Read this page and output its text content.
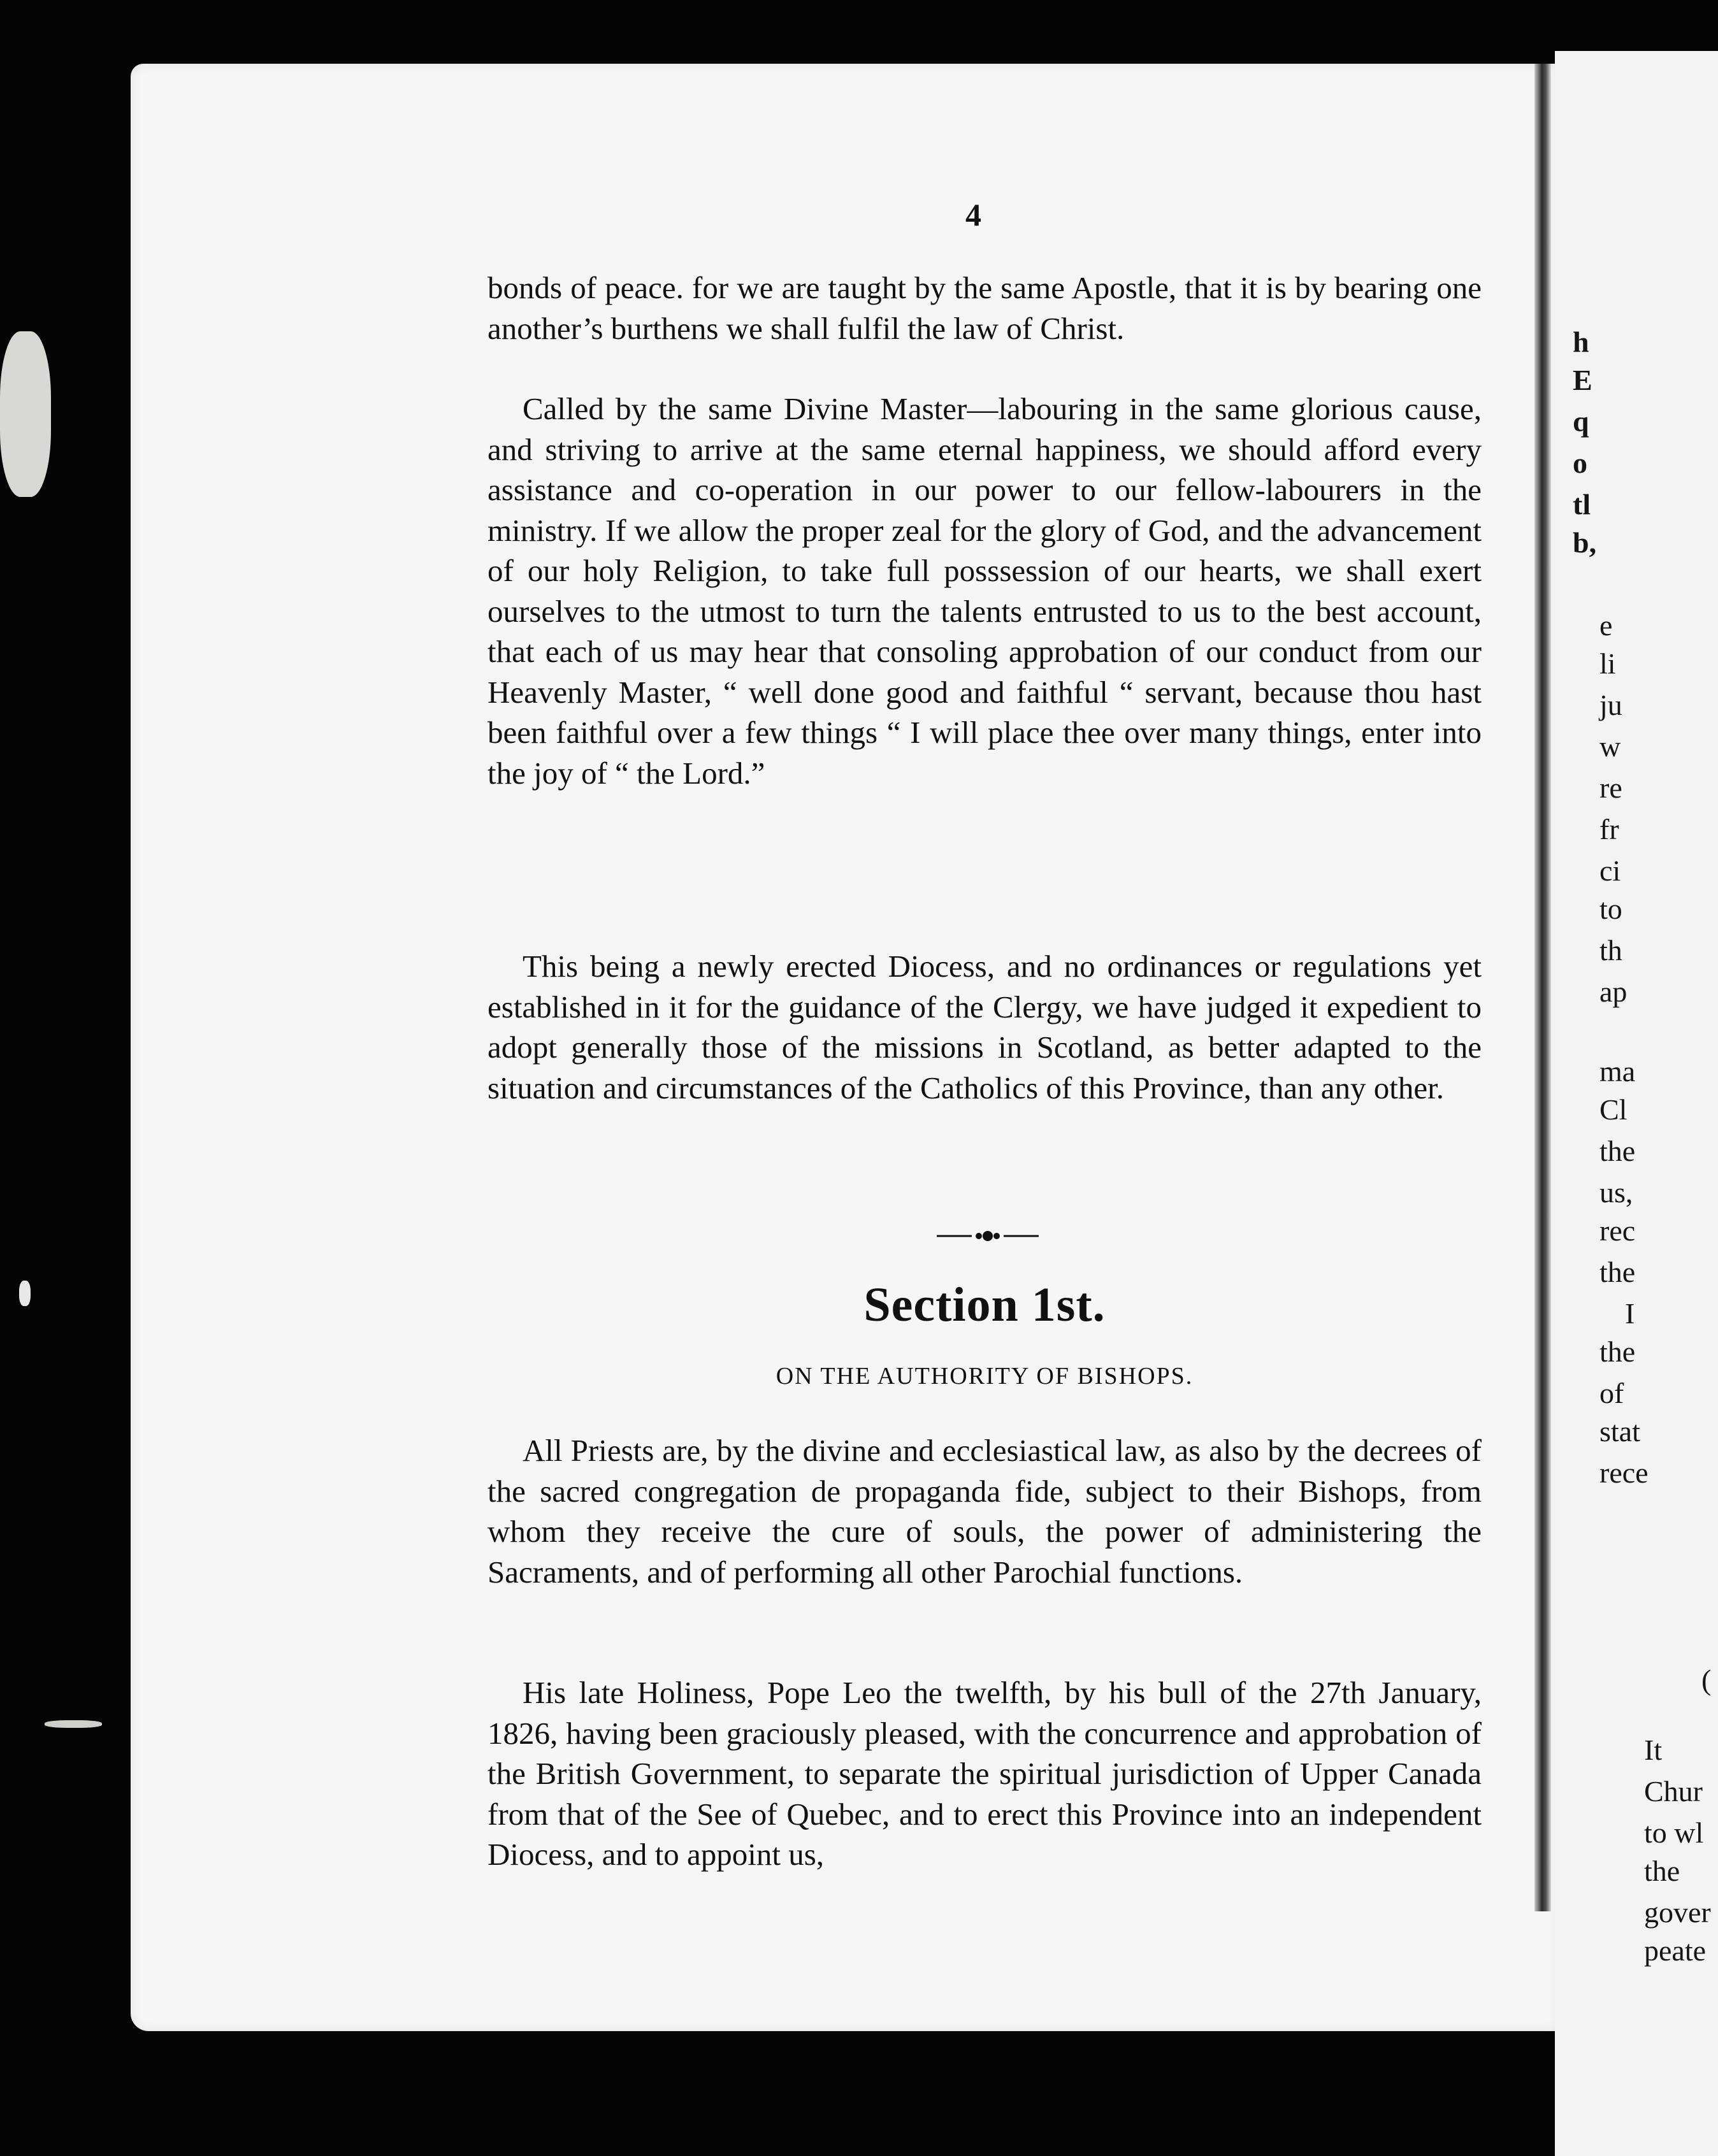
h
E
q
o
tl
b,
e
li
ju
w
re
fr
ci
to
th
ap
ma
Cl
the
us,
rec
the
I
the
of
stat
rece
(
It
Chur
to wl
the
gover
peate
4

bonds of peace. for we are taught by the same Apostle, that it is by bearing one another’s burthens we shall fulfil the law of Christ.

Called by the same Divine Master—labouring in the same glorious cause, and striving to arrive at the same eternal happiness, we should afford every assistance and co-operation in our power to our fellow-labourers in the ministry. If we allow the proper zeal for the glory of God, and the advancement of our holy Religion, to take full posssession of our hearts, we shall exert ourselves to the utmost to turn the talents entrusted to us to the best account, that each of us may hear that consoling approbation of our conduct from our Heavenly Master, “ well done good and faithful “ servant, because thou hast been faithful over a few things “ I will place thee over many things, enter into the joy of “ the Lord.”

This being a newly erected Diocess, and no ordinances or regulations yet established in it for the guidance of the Clergy, we have judged it expedient to adopt generally those of the missions in Scotland, as better adapted to the situation and circumstances of the Catholics of this Province, than any other.

Section 1st.
ON THE AUTHORITY OF BISHOPS.

All Priests are, by the divine and ecclesiastical law, as also by the decrees of the sacred congregation de propaganda fide, subject to their Bishops, from whom they receive the cure of souls, the power of administering the Sacraments, and of performing all other Parochial functions.

His late Holiness, Pope Leo the twelfth, by his bull of the 27th January, 1826, having been graciously pleased, with the concurrence and approbation of the British Government, to separate the spiritual jurisdiction of Upper Canada from that of the See of Quebec, and to erect this Province into an independent Diocess, and to appoint us,
